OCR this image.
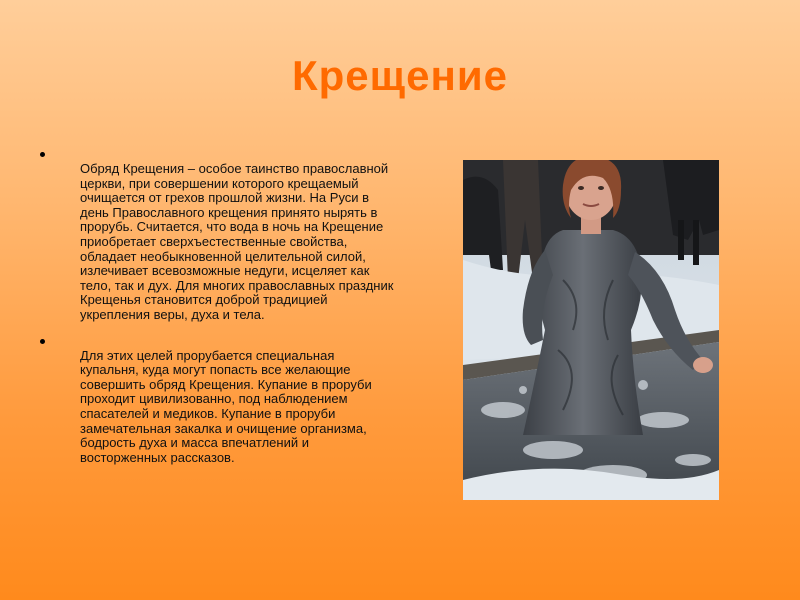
Крещение
Обряд Крещения – особое таинство православной церкви, при совершении которого крещаемый очищается от грехов прошлой жизни. На Руси в день Православного крещения принято нырять в прорубь. Считается, что вода в ночь на Крещение приобретает сверхъестественные свойства, обладает необыкновенной целительной силой, излечивает всевозможные недуги, исцеляет как тело, так и дух. Для многих православных праздник Крещенья становится доброй традицией укрепления веры, духа и тела.
Для этих целей прорубается специальная купальня, куда могут попасть все желающие совершить обряд Крещения. Купание в проруби проходит цивилизованно, под наблюдением спасателей и медиков. Купание в проруби замечательная закалка и очищение организма, бодрость духа и масса впечатлений и восторженных рассказов.
